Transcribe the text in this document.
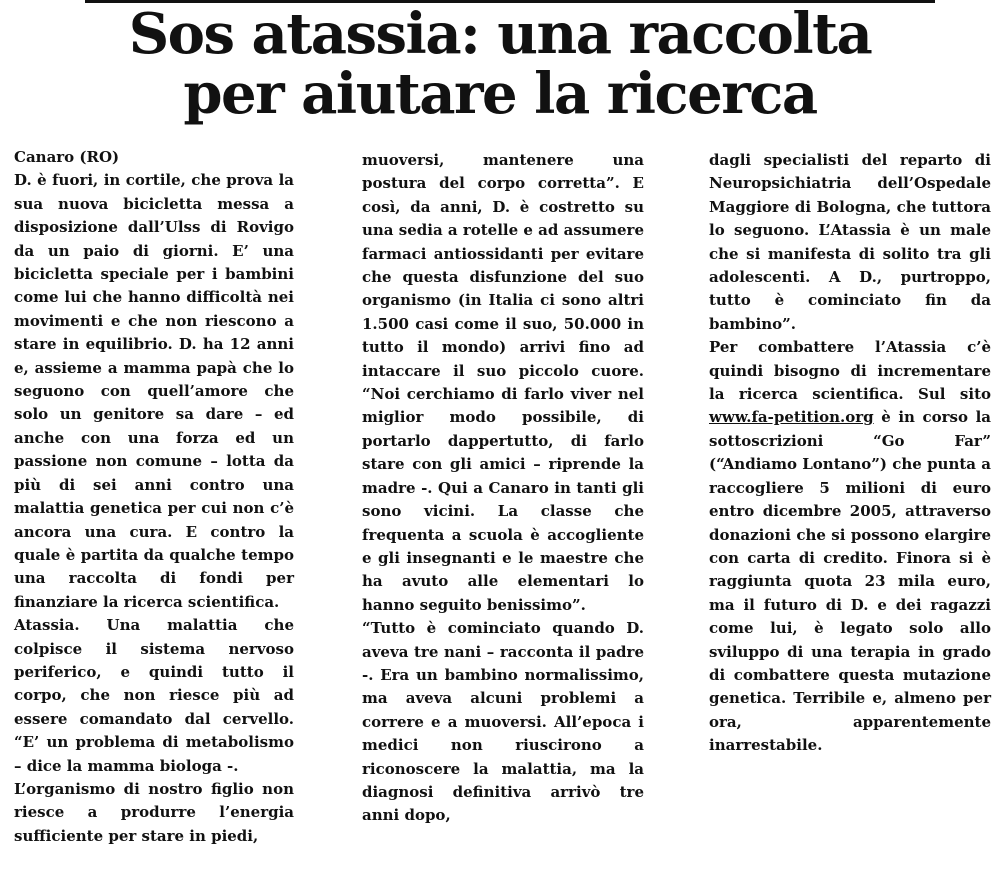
Sos atassia: una raccolta
per aiutare la ricerca
Canaro (RO)

D. è fuori, in cortile, che prova la sua nuova bicicletta messa a disposizione dall’Ulss di Rovigo da un paio di giorni. E’ una bicicletta speciale per i bambini come lui che hanno difficoltà nei movimenti e che non riescono a stare in equilibrio. D. ha 12 anni e, assieme a mamma papà che lo seguono con quell’amore che solo un genitore sa dare – ed anche con una forza ed un passione non comune – lotta da più di sei anni contro una malattia genetica per cui non c’è ancora una cura. E contro la quale è partita da qualche tempo una raccolta di fondi per finanziare la ricerca scientifica.

Atassia. Una malattia che colpisce il sistema nervoso periferico, e quindi tutto il corpo, che non riesce più ad essere comandato dal cervello. “E’ un problema di metabolismo – dice la mamma biologa -.

L’organismo di nostro figlio non riesce a produrre l’energia sufficiente per stare in piedi,

muoversi, mantenere una postura del corpo corretta”. E così, da anni, D. è costretto su una sedia a rotelle e ad assumere farmaci antiossidanti per evitare che questa disfunzione del suo organismo (in Italia ci sono altri 1.500 casi come il suo, 50.000 in tutto il mondo) arrivi fino ad intaccare il suo piccolo cuore. “Noi cerchiamo di farlo viver nel miglior modo possibile, di portarlo dappertutto, di farlo stare con gli amici – riprende la madre -. Qui a Canaro in tanti gli sono vicini. La classe che frequenta a scuola è accogliente e gli insegnanti e le maestre che ha avuto alle elementari lo hanno seguito benissimo”.

“Tutto è cominciato quando D. aveva tre nani – racconta il padre -. Era un bambino normalissimo, ma aveva alcuni problemi a correre e a muoversi. All’epoca i medici non riuscirono a riconoscere la malattia, ma la diagnosi definitiva arrivò tre anni dopo,

dagli specialisti del reparto di Neuropsichiatria dell’Ospedale Maggiore di Bologna, che tuttora lo seguono. L’Atassia è un male che si manifesta di solito tra gli adolescenti. A D., purtroppo, tutto è cominciato fin da bambino”.

Per combattere l’Atassia c’è quindi bisogno di incrementare la ricerca scientifica. Sul sito www.fa-petition.org è in corso la sottoscrizioni “Go Far” (“Andiamo Lontano”) che punta a raccogliere 5 milioni di euro entro dicembre 2005, attraverso donazioni che si possono elargire con carta di credito. Finora si è raggiunta quota 23 mila euro, ma il futuro di D. e dei ragazzi come lui, è legato solo allo sviluppo di una terapia in grado di combattere questa mutazione genetica. Terribile e, almeno per ora, apparentemente inarrestabile.
